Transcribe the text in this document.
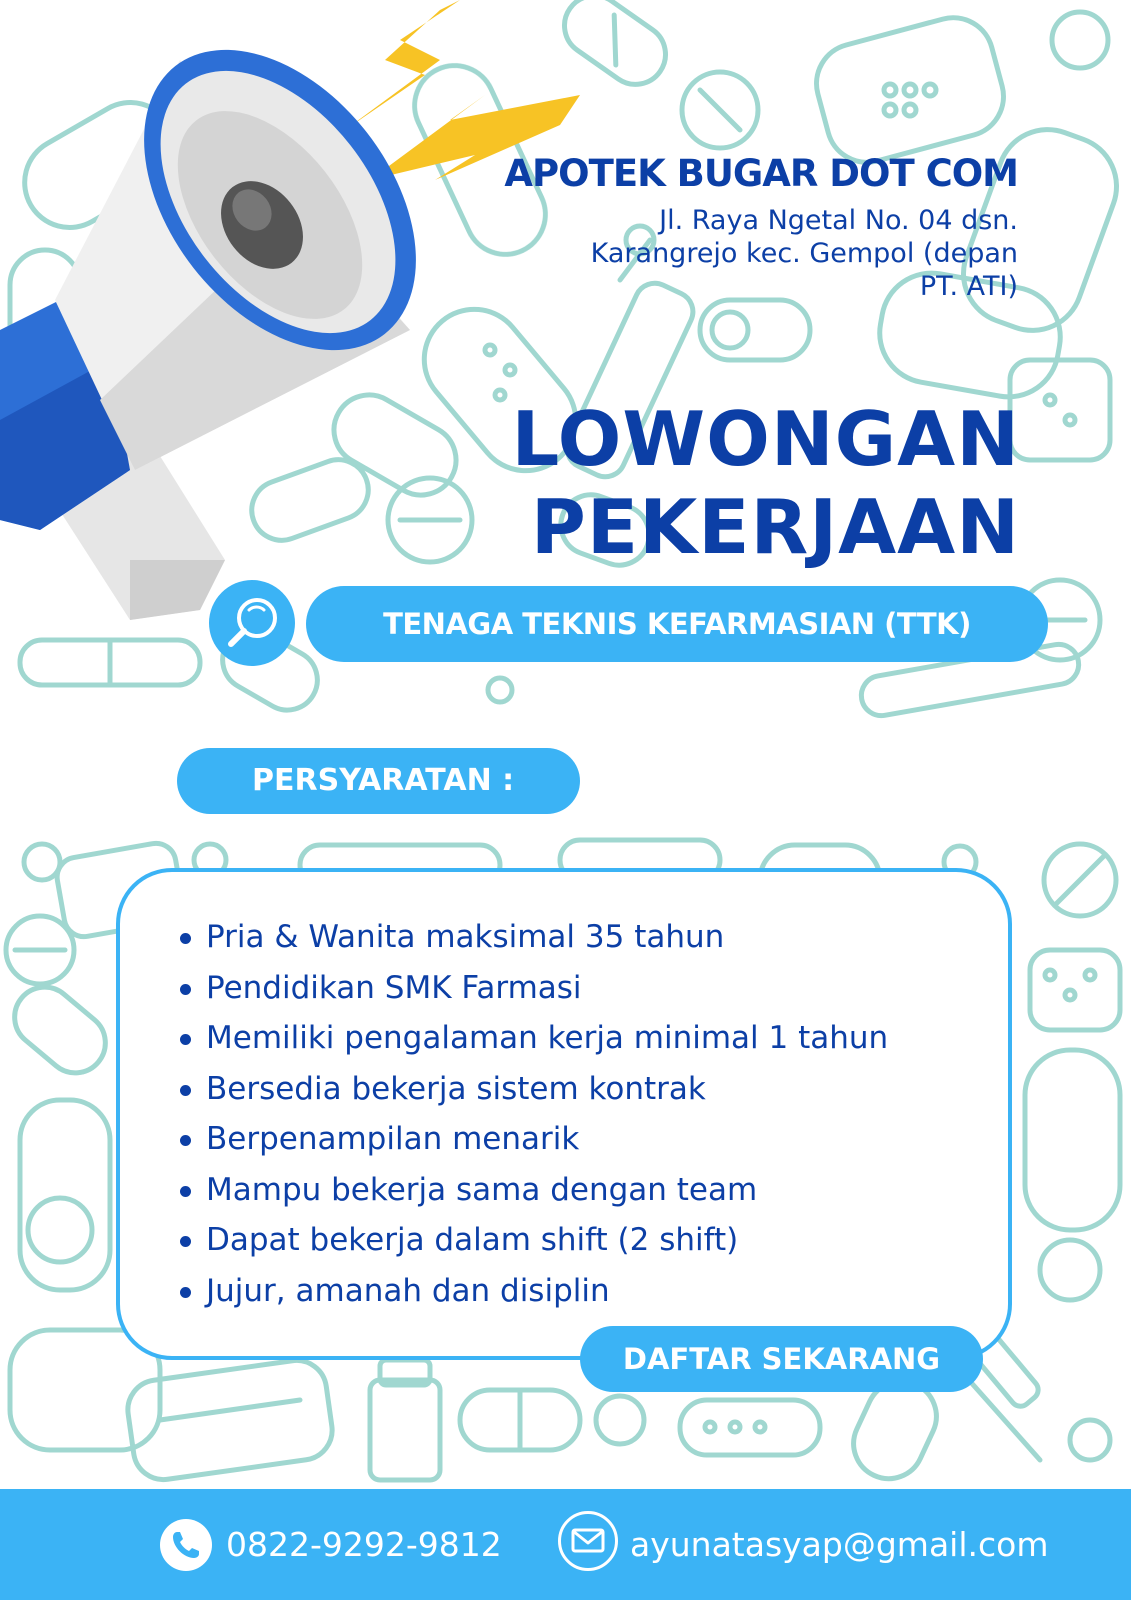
APOTEK BUGAR DOT COM
Jl. Raya Ngetal No. 04 dsn.
Karangrejo kec. Gempol (depan
PT. ATI)
LOWONGAN
PEKERJAAN
TENAGA TEKNIS KEFARMASIAN (TTK)
PERSYARATAN :
Pria & Wanita maksimal 35 tahun
Pendidikan SMK Farmasi
Memiliki pengalaman kerja minimal 1 tahun
Bersedia bekerja sistem kontrak
Berpenampilan menarik
Mampu bekerja sama dengan team
Dapat bekerja dalam shift (2 shift)
Jujur, amanah dan disiplin
DAFTAR SEKARANG
0822-9292-9812	ayunatasyap@gmail.com
